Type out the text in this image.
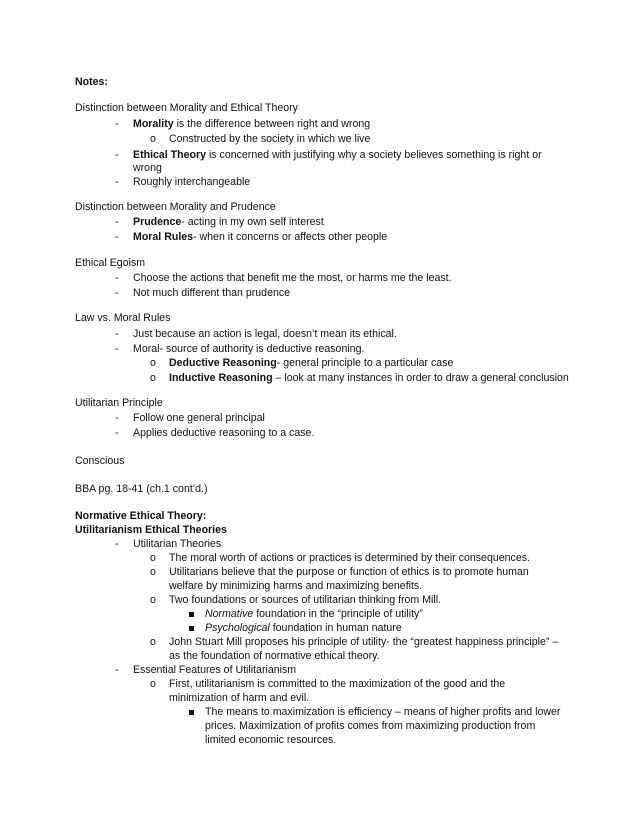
Notes:
Distinction between Morality and Ethical Theory
- Morality is the difference between right and wrong
o Constructed by the society in which we live
- Ethical Theory is concerned with justifying why a society believes something is right or
wrong
- Roughly interchangeable
Distinction between Morality and Prudence
- Prudence- acting in my own self interest
- Moral Rules- when it concerns or affects other people
Ethical Egoism
- Choose the actions that benefit me the most, or harms me the least.
- Not much different than prudence
Law vs. Moral Rules
- Just because an action is legal, doesn’t mean its ethical.
- Moral- source of authority is deductive reasoning.
o Deductive Reasoning- general principle to a particular case
o Inductive Reasoning – look at many instances in order to draw a general conclusion
Utilitarian Principle
- Follow one general principal
- Applies deductive reasoning to a case.
Conscious
BBA pg. 18-41 (ch.1 cont’d.)
Normative Ethical Theory:
Utilitarianism Ethical Theories
- Utilitarian Theories
o The moral worth of actions or practices is determined by their consequences.
o Utilitarians believe that the purpose or function of ethics is to promote human
welfare by minimizing harms and maximizing benefits.
o Two foundations or sources of utilitarian thinking from Mill.
Normative foundation in the “principle of utility”
Psychological foundation in human nature
o John Stuart Mill proposes his principle of utility- the “greatest happiness principle” –
as the foundation of normative ethical theory.
- Essential Features of Utilitarianism
o First, utilitarianism is committed to the maximization of the good and the
minimization of harm and evil.
The means to maximization is efficiency – means of higher profits and lower
prices. Maximization of profits comes from maximizing production from
limited economic resources.
